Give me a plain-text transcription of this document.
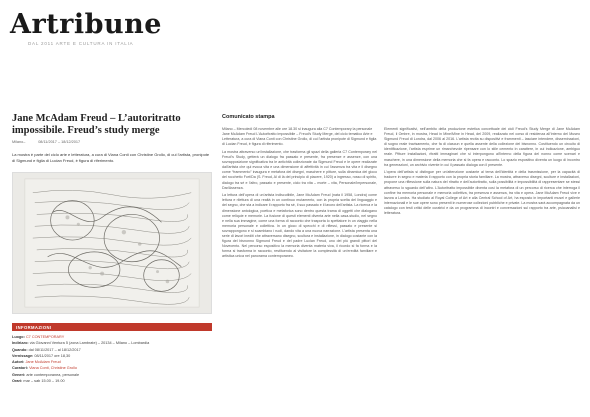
Artribune
DAL 2011 ARTE E CULTURA IN ITALIA
Jane McAdam Freud – L’autoritratto impossibile. Freud’s study merge
Milano–	08/11/2017 – 18/12/2017

La mostra è parte del ciclo arte e letteratura, a cura di Viana Conti con Christine Grollo, di cui l’artista, pronipote di Sigmund e figlia di Lucian Freud, è figura di riferimento.

INFORMAZIONI
Luogo: C7 CONTEMPORARY
Indirizzo: via Giovanni Ventura 5 (zona Lambrate) – 20134 – Milano – Lombardia
Quando: dal 08/11/2017 – al 18/12/2017
Vernissage: 08/11/2017 ore 18,30
Autori: Jane McAdam Freud
Curatori: Viana Conti, Christine Grollo
Generi: arte contemporanea, personale
Orari: mar – sab 15.00 – 19.00
Comunicato stampa

Milano – Mercoledì 08 novembre alle ore 18.30 si inaugura alla C7 Contemporary la personale Jane McAdam Freud L’Autoritratto impossibile – Freud’s Study Merge, del ciclo tematico Arte e Letteratura, a cura di Viana Conti con Christine Grollo, di cui l’artista pronipote di Sigmund e figlia di Lucian Freud, è figura di riferimento.

La mostra attraverso un’installazione, che trasforma gli spazi della galleria C7 Contemporary nel Freud’s Study, getterà un dialogo fra passato e presente, fra presenze e assenze, con una sovrapposizione significativa tra le antichità collezionate da Sigmund Freud e le opere realizzate dall’artista che qui evoca vita e una dimensione di affettività in cui l’assenza tra vita e il disegno come “frammento” inaugura e metafora dei disegni, maschere e pitture, sulla dinamica del gioco del rocchetto Fort/Da (S. Freud, Al di là del principio di piacere, 1920) a ingresso, rosso di spirito, dialogo tra sé e l’altro, passato e presente, ciclo tra vita – morte – vita, Personale/Impersonale, Dar/Assenza.

La lettura dell’opera di un’artista indiscutibile, Jane McAdam Freud (nata il 1958, Londra) come lettura e rilettura di una realtà in un continuo mutamento, con la propria scelta del linguaggio e del segno, che sta a indicare il rapporto fra sé, il suo passato e il lavoro dell’artista. La ricerca e la dimensione antologica, poetica e metaforica sono dentro questa trama di oggetti che dialogano come reliquie e memorie. La fusione di questi elementi diventa arte nella casa-studio, nel segno e nella sua immagine, come una forma di racconto che trasporta lo spettatore in un viaggio nella memoria personale e collettiva. In un gioco di specchi e di riflessi, passato e presente si sovrappongono e si scambiano i ruoli, dando vita a una nuova narrazione. L’artista presenta una serie di lavori inediti che attraversano disegno, scultura e installazione, in dialogo costante con la figura del bisnonno Sigmund Freud e del padre Lucian Freud, uno dei più grandi pittori del Novecento. Nel percorso espositivo la memoria diventa materia viva, il ricordo si fa forma e la forma si trasforma in racconto, restituendo al visitatore la complessità di un’eredità familiare e artistica unica nel panorama contemporaneo.

Elementi significativi, nell’ambito della produzione estetica concettuale dei cicli Freud’s Study Merge di Jane McAdam Freud, il Ombre, in mostra, Head in Mine/Mine in Head, del 2009, realizzato nel corso di residenza all’interno del Museo Sigmund Freud di Londra, dal 2006 al 2016. L’artista recita su dispositivi e frammenti – lasciare intendere, disseminazioni, di sogno reale travisamento, che fa di ciascun e quella assente della collezione del bisnonno. Costituendo un circuito di identificazione, l’artista esprime un rimarchevole ripensare con lo stile cemento in carattere, in cui indicazione, ambiguo reale. Pitture installazioni, ritratti immaginari che si interpongono all’interno della figura del nonno come scenari e maschere, in una dimensione della memoria che si fa opera e racconto. Lo spazio espositivo diventa un luogo di incontro tra generazioni, un archivio vivente in cui il passato dialoga con il presente.

L’opera dell’artista si distingue per un’attenzione costante al tema dell’identità e della trasmissione, per la capacità di tradurre in segno e materia il rapporto con la propria storia familiare. La mostra, attraverso disegni, sculture e installazioni, propone una riflessione sulla natura del ritratto e dell’autoritratto, sulla possibilità e impossibilità di rappresentare se stessi attraverso lo sguardo dell’altro. L’Autoritratto impossibile diventa così la metafora di un percorso di ricerca che interroga il confine tra memoria personale e memoria collettiva, tra presenza e assenza, tra vita e opera. Jane McAdam Freud vive e lavora a Londra. Ha studiato al Royal College of Art e alla Central School of Art, ha esposto in importanti musei e gallerie internazionali e le sue opere sono presenti in numerose collezioni pubbliche e private. La mostra sarà accompagnata da un catalogo con testi critici delle curatrici e da un programma di incontri e conversazioni sul rapporto tra arte, psicoanalisi e letteratura.
